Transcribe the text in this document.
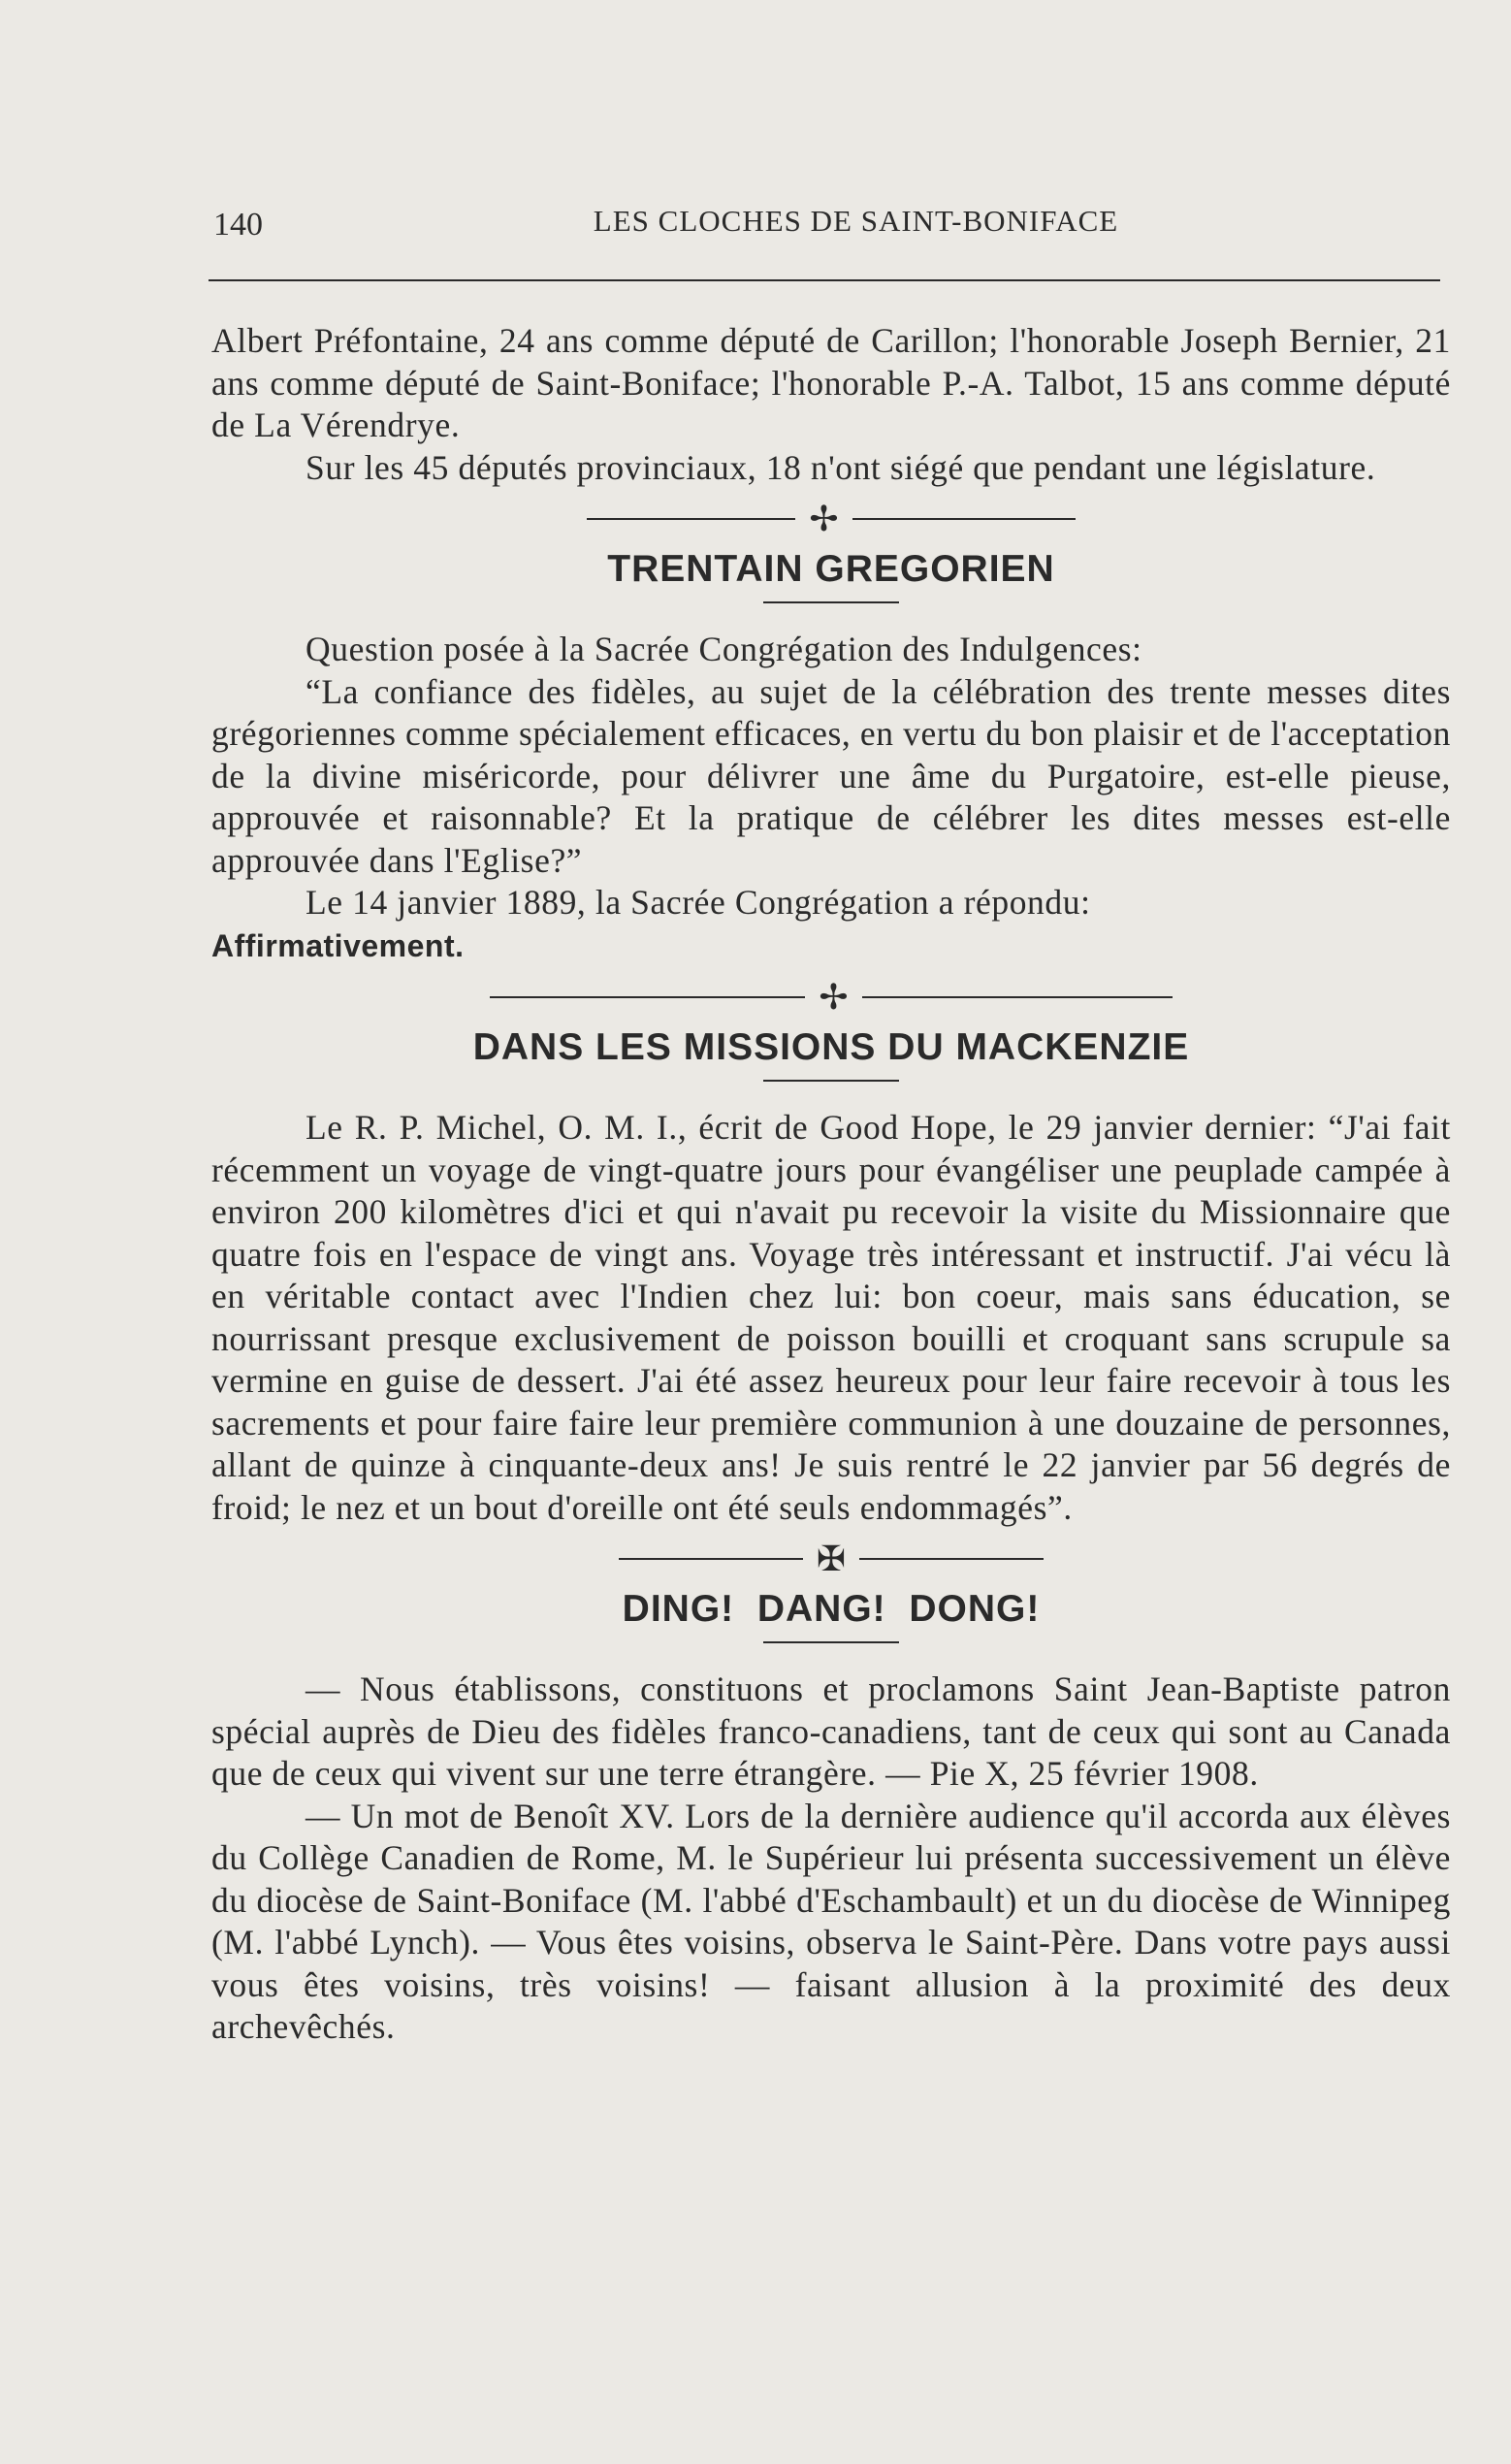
140	LES CLOCHES DE SAINT-BONIFACE

Albert Préfontaine, 24 ans comme député de Carillon; l'honorable Joseph Bernier, 21 ans comme député de Saint-Boniface; l'honorable P.-A. Talbot, 15 ans comme député de La Vérendrye.

Sur les 45 députés provinciaux, 18 n'ont siégé que pendant une législature.

✢
TRENTAIN GREGORIEN

Question posée à la Sacrée Congrégation des Indulgences:

“La confiance des fidèles, au sujet de la célébration des trente messes dites grégoriennes comme spécialement efficaces, en vertu du bon plaisir et de l'acceptation de la divine miséricorde, pour délivrer une âme du Purgatoire, est-elle pieuse, approuvée et raisonnable? Et la pratique de célébrer les dites messes est-elle approuvée dans l'Eglise?”

Le 14 janvier 1889, la Sacrée Congrégation a répondu:

Affirmativement.

✢
DANS LES MISSIONS DU MACKENZIE

Le R. P. Michel, O. M. I., écrit de Good Hope, le 29 janvier dernier: “J'ai fait récemment un voyage de vingt-quatre jours pour évangéliser une peuplade campée à environ 200 kilomètres d'ici et qui n'avait pu recevoir la visite du Missionnaire que quatre fois en l'espace de vingt ans. Voyage très intéressant et instructif. J'ai vécu là en véritable contact avec l'Indien chez lui: bon coeur, mais sans éducation, se nourrissant presque exclusivement de poisson bouilli et croquant sans scrupule sa vermine en guise de dessert. J'ai été assez heureux pour leur faire recevoir à tous les sacrements et pour faire faire leur première communion à une douzaine de personnes, allant de quinze à cinquante-deux ans! Je suis rentré le 22 janvier par 56 degrés de froid; le nez et un bout d'oreille ont été seuls endommagés”.

✠
DING!  DANG!  DONG!

— Nous établissons, constituons et proclamons Saint Jean-Baptiste patron spécial auprès de Dieu des fidèles franco-canadiens, tant de ceux qui sont au Canada que de ceux qui vivent sur une terre étrangère. — Pie X, 25 février 1908.

— Un mot de Benoît XV. Lors de la dernière audience qu'il accorda aux élèves du Collège Canadien de Rome, M. le Supérieur lui présenta successivement un élève du diocèse de Saint-Boniface (M. l'abbé d'Eschambault) et un du diocèse de Winnipeg (M. l'abbé Lynch). — Vous êtes voisins, observa le Saint-Père. Dans votre pays aussi vous êtes voisins, très voisins! — faisant allusion à la proximité des deux archevêchés.
